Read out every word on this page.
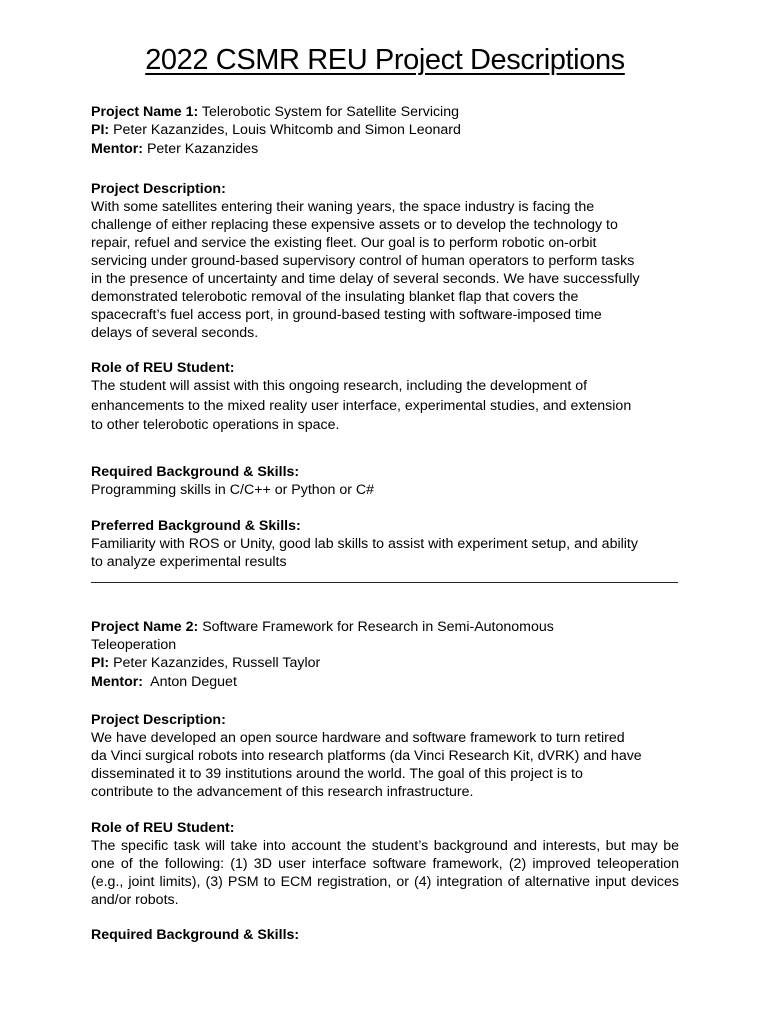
2022 CSMR REU Project Descriptions
Project Name 1: Telerobotic System for Satellite Servicing
PI: Peter Kazanzides, Louis Whitcomb and Simon Leonard
Mentor: Peter Kazanzides
Project Description:
With some satellites entering their waning years, the space industry is facing the
challenge of either replacing these expensive assets or to develop the technology to
repair, refuel and service the existing fleet. Our goal is to perform robotic on-orbit
servicing under ground-based supervisory control of human operators to perform tasks
in the presence of uncertainty and time delay of several seconds. We have successfully
demonstrated telerobotic removal of the insulating blanket flap that covers the
spacecraft’s fuel access port, in ground-based testing with software-imposed time
delays of several seconds.
Role of REU Student:
The student will assist with this ongoing research, including the development of
enhancements to the mixed reality user interface, experimental studies, and extension
to other telerobotic operations in space.
Required Background & Skills:
Programming skills in C/C++ or Python or C#
Preferred Background & Skills:
Familiarity with ROS or Unity, good lab skills to assist with experiment setup, and ability
to analyze experimental results
Project Name 2: Software Framework for Research in Semi-Autonomous
Teleoperation
PI: Peter Kazanzides, Russell Taylor
Mentor:  Anton Deguet
Project Description:
We have developed an open source hardware and software framework to turn retired
da Vinci surgical robots into research platforms (da Vinci Research Kit, dVRK) and have
disseminated it to 39 institutions around the world. The goal of this project is to
contribute to the advancement of this research infrastructure.
Role of REU Student:
The specific task will take into account the student’s background and interests, but may be one of the following: (1) 3D user interface software framework, (2) improved teleoperation (e.g., joint limits), (3) PSM to ECM registration, or (4) integration of alternative input devices and/or robots.
Required Background & Skills:
